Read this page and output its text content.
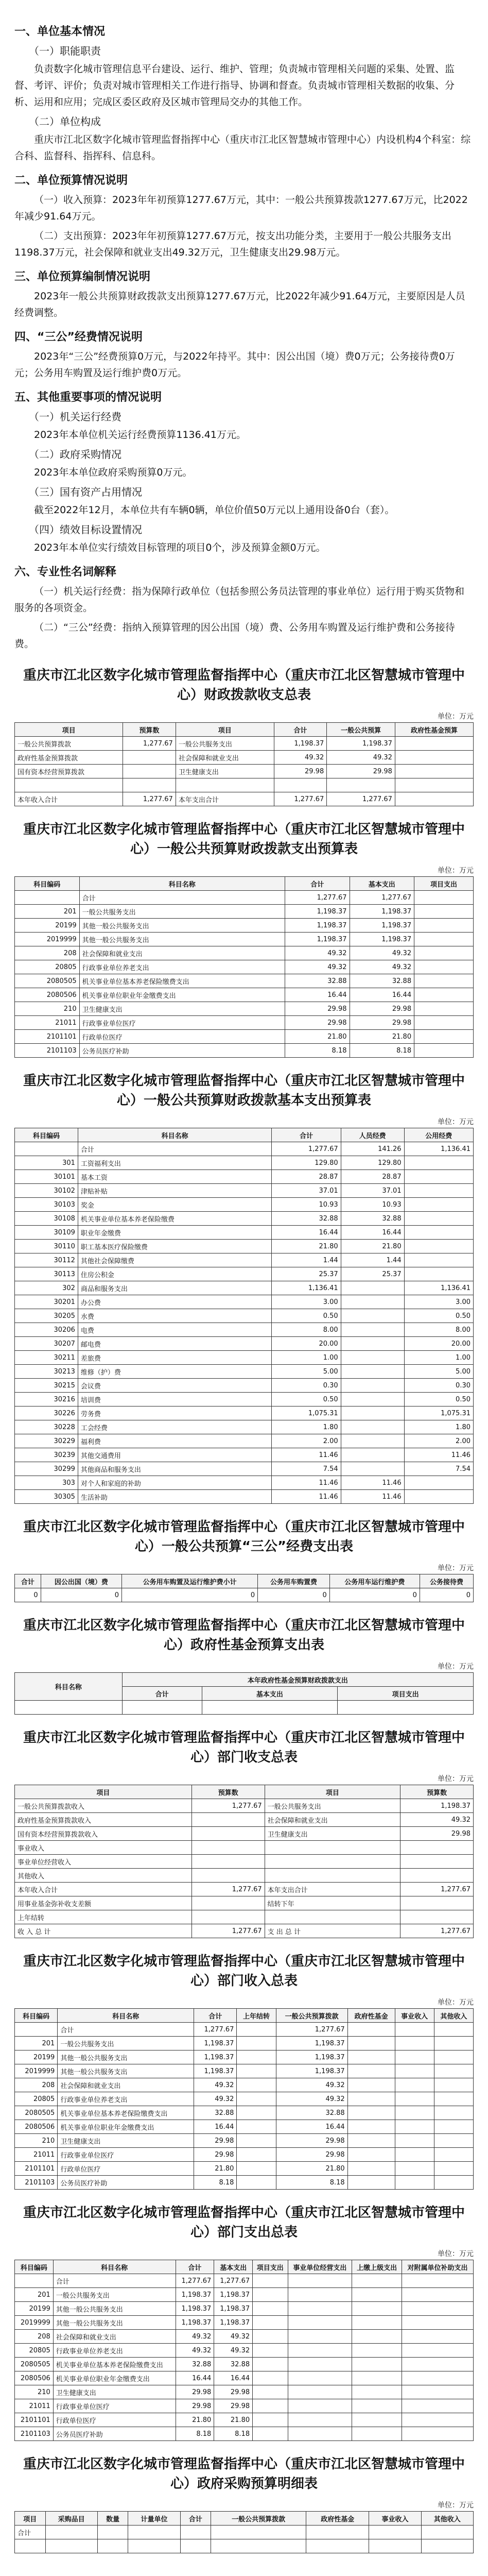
一、单位基本情况
（一）职能职责

负责数字化城市管理信息平台建设、运行、维护、管理；负责城市管理相关问题的采集、处置、监督、考评、评价；负责对城市管理相关工作进行指导、协调和督查。负责城市管理相关数据的收集、分析、运用和应用；完成区委区政府及区城市管理局交办的其他工作。

（二）单位构成

重庆市江北区数字化城市管理监督指挥中心（重庆市江北区智慧城市管理中心）内设机构4个科室：综合科、监督科、指挥科、信息科。

二、单位预算情况说明

（一）收入预算：2023年年初预算1277.67万元，其中：一般公共预算拨款1277.67万元，比2022年减少91.64万元。

（二）支出预算：2023年年初预算1277.67万元，按支出功能分类，主要用于一般公共服务支出1198.37万元，社会保障和就业支出49.32万元，卫生健康支出29.98万元。

三、单位预算编制情况说明

2023年一般公共预算财政拨款支出预算1277.67万元，比2022年减少91.64万元，主要原因是人员经费调整。

四、“三公”经费情况说明

2023年“三公”经费预算0万元，与2022年持平。其中：因公出国（境）费0万元；公务接待费0万元；公务用车购置及运行维护费0万元。

五、其他重要事项的情况说明
（一）机关运行经费

2023年本单位机关运行经费预算1136.41万元。

（二）政府采购情况

2023年本单位政府采购预算0万元。

（三）国有资产占用情况

截至2022年12月，本单位共有车辆0辆，单位价值50万元以上通用设备0台（套）。

（四）绩效目标设置情况

2023年本单位实行绩效目标管理的项目0个，涉及预算金额0万元。

六、专业性名词解释

（一）机关运行经费：指为保障行政单位（包括参照公务员法管理的事业单位）运行用于购买货物和服务的各项资金。

（二）“三公”经费：指纳入预算管理的因公出国（境）费、公务用车购置及运行维护费和公务接待费。

重庆市江北区数字化城市管理监督指挥中心（重庆市江北区智慧城市管理中心）财政拨款收支总表
单位：万元
项目	预算数	项目	合计	一般公共预算	政府性基金预算
一般公共预算拨款	1,277.67	一般公共服务支出	1,198.37	1,198.37	
政府性基金预算拨款		社会保障和就业支出	49.32	49.32	
国有资本经营预算拨款		卫生健康支出	29.98	29.98	

本年收入合计	1,277.67	本年支出合计	1,277.67	1,277.67	
重庆市江北区数字化城市管理监督指挥中心（重庆市江北区智慧城市管理中心）一般公共预算财政拨款支出预算表
单位：万元
科目编码	科目名称	合计	基本支出	项目支出
	合计	1,277.67	1,277.67	
201	一般公共服务支出	1,198.37	1,198.37	
20199	其他一般公共服务支出	1,198.37	1,198.37	
2019999	其他一般公共服务支出	1,198.37	1,198.37	
208	社会保障和就业支出	49.32	49.32	
20805	行政事业单位养老支出	49.32	49.32	
2080505	机关事业单位基本养老保险缴费支出	32.88	32.88	
2080506	机关事业单位职业年金缴费支出	16.44	16.44	
210	卫生健康支出	29.98	29.98	
21011	行政事业单位医疗	29.98	29.98	
2101101	行政单位医疗	21.80	21.80	
2101103	公务员医疗补助	8.18	8.18	
重庆市江北区数字化城市管理监督指挥中心（重庆市江北区智慧城市管理中心）一般公共预算财政拨款基本支出预算表
单位：万元
科目编码	科目名称	合计	人员经费	公用经费
	合计	1,277.67	141.26	1,136.41
301	工资福利支出	129.80	129.80	
30101	基本工资	28.87	28.87	
30102	津贴补贴	37.01	37.01	
30103	奖金	10.93	10.93	
30108	机关事业单位基本养老保险缴费	32.88	32.88	
30109	职业年金缴费	16.44	16.44	
30110	职工基本医疗保险缴费	21.80	21.80	
30112	其他社会保障缴费	1.44	1.44	
30113	住房公积金	25.37	25.37	
302	商品和服务支出	1,136.41		1,136.41
30201	办公费	3.00		3.00
30205	水费	0.50		0.50
30206	电费	8.00		8.00
30207	邮电费	20.00		20.00
30211	差旅费	1.00		1.00
30213	维修（护）费	5.00		5.00
30215	会议费	0.30		0.30
30216	培训费	0.50		0.50
30226	劳务费	1,075.31		1,075.31
30228	工会经费	1.80		1.80
30229	福利费	2.00		2.00
30239	其他交通费用	11.46		11.46
30299	其他商品和服务支出	7.54		7.54
303	对个人和家庭的补助	11.46	11.46	
30305	生活补助	11.46	11.46	
重庆市江北区数字化城市管理监督指挥中心（重庆市江北区智慧城市管理中心）一般公共预算“三公”经费支出表
单位：万元
合计	因公出国（境）费	公务用车购置及运行维护费小计	公务用车购置费	公务用车运行维护费	公务接待费
0	0	0	0	0	0
重庆市江北区数字化城市管理监督指挥中心（重庆市江北区智慧城市管理中心）政府性基金预算支出表
单位：万元
科目名称	本年政府性基金预算财政拨款支出		
	合计	基本支出	项目支出

重庆市江北区数字化城市管理监督指挥中心（重庆市江北区智慧城市管理中心）部门收支总表
单位：万元
项目	预算数	项目	预算数
一般公共预算拨款收入	1,277.67	一般公共服务支出	1,198.37
政府性基金预算拨款收入		社会保障和就业支出	49.32
国有资本经营预算拨款收入		卫生健康支出	29.98
事业收入			
事业单位经营收入			
其他收入			
本年收入合计	1,277.67	本年支出合计	1,277.67
用事业基金弥补收支差额		结转下年	
上年结转			
收 入 总 计	1,277.67	支 出 总 计	1,277.67
重庆市江北区数字化城市管理监督指挥中心（重庆市江北区智慧城市管理中心）部门收入总表
单位：万元
科目编码	科目名称	合计	上年结转	一般公共预算拨款	政府性基金	事业收入	其他收入
	合计	1,277.67		1,277.67			
201	一般公共服务支出	1,198.37		1,198.37			
20199	其他一般公共服务支出	1,198.37		1,198.37			
2019999	其他一般公共服务支出	1,198.37		1,198.37			
208	社会保障和就业支出	49.32		49.32			
20805	行政事业单位养老支出	49.32		49.32			
2080505	机关事业单位基本养老保险缴费支出	32.88		32.88			
2080506	机关事业单位职业年金缴费支出	16.44		16.44			
210	卫生健康支出	29.98		29.98			
21011	行政事业单位医疗	29.98		29.98			
2101101	行政单位医疗	21.80		21.80			
2101103	公务员医疗补助	8.18		8.18			
重庆市江北区数字化城市管理监督指挥中心（重庆市江北区智慧城市管理中心）部门支出总表
单位：万元
科目编码	科目名称	合计	基本支出	项目支出	事业单位经营支出	上缴上级支出	对附属单位补助支出
	合计	1,277.67	1,277.67				
201	一般公共服务支出	1,198.37	1,198.37				
20199	其他一般公共服务支出	1,198.37	1,198.37				
2019999	其他一般公共服务支出	1,198.37	1,198.37				
208	社会保障和就业支出	49.32	49.32				
20805	行政事业单位养老支出	49.32	49.32				
2080505	机关事业单位基本养老保险缴费支出	32.88	32.88				
2080506	机关事业单位职业年金缴费支出	16.44	16.44				
210	卫生健康支出	29.98	29.98				
21011	行政事业单位医疗	29.98	29.98				
2101101	行政单位医疗	21.80	21.80				
2101103	公务员医疗补助	8.18	8.18				
重庆市江北区数字化城市管理监督指挥中心（重庆市江北区智慧城市管理中心）政府采购预算明细表
单位：万元
项目	采购品目	数量	计量单位	合计	一般公共预算拨款	政府性基金	事业收入	其他收入
合计								
